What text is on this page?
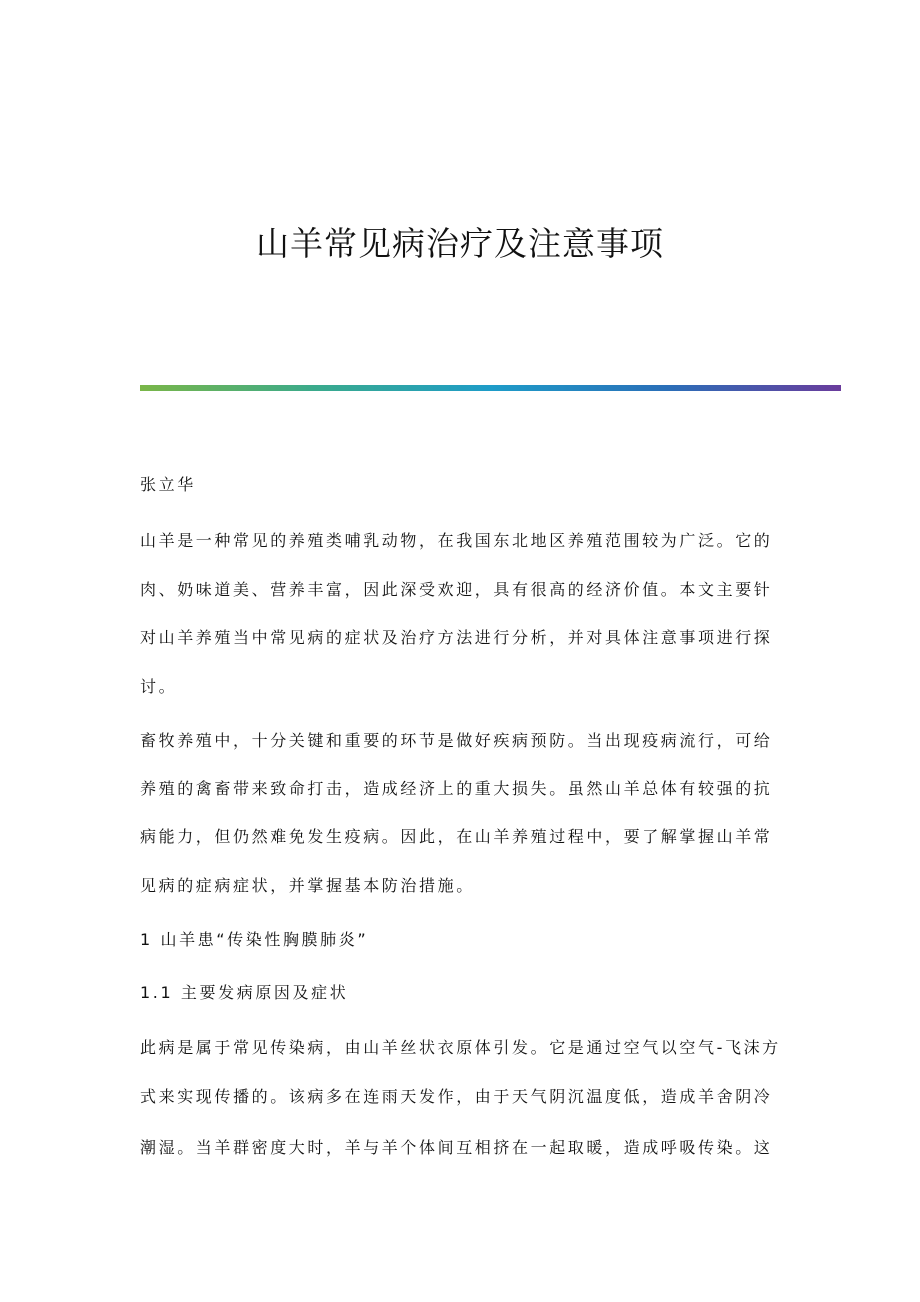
山羊常见病治疗及注意事项
张立华
山羊是一种常见的养殖类哺乳动物，在我国东北地区养殖范围较为广泛。它的
肉、奶味道美、营养丰富，因此深受欢迎，具有很高的经济价值。本文主要针
对山羊养殖当中常见病的症状及治疗方法进行分析，并对具体注意事项进行探
讨。
畜牧养殖中，十分关键和重要的环节是做好疾病预防。当出现疫病流行，可给
养殖的禽畜带来致命打击，造成经济上的重大损失。虽然山羊总体有较强的抗
病能力，但仍然难免发生疫病。因此，在山羊养殖过程中，要了解掌握山羊常
见病的症病症状，并掌握基本防治措施。
1 山羊患“传染性胸膜肺炎”
1.1 主要发病原因及症状
此病是属于常见传染病，由山羊丝状衣原体引发。它是通过空气以空气-飞沫方
式来实现传播的。该病多在连雨天发作，由于天气阴沉温度低，造成羊舍阴冷
潮湿。当羊群密度大时，羊与羊个体间互相挤在一起取暖，造成呼吸传染。这
